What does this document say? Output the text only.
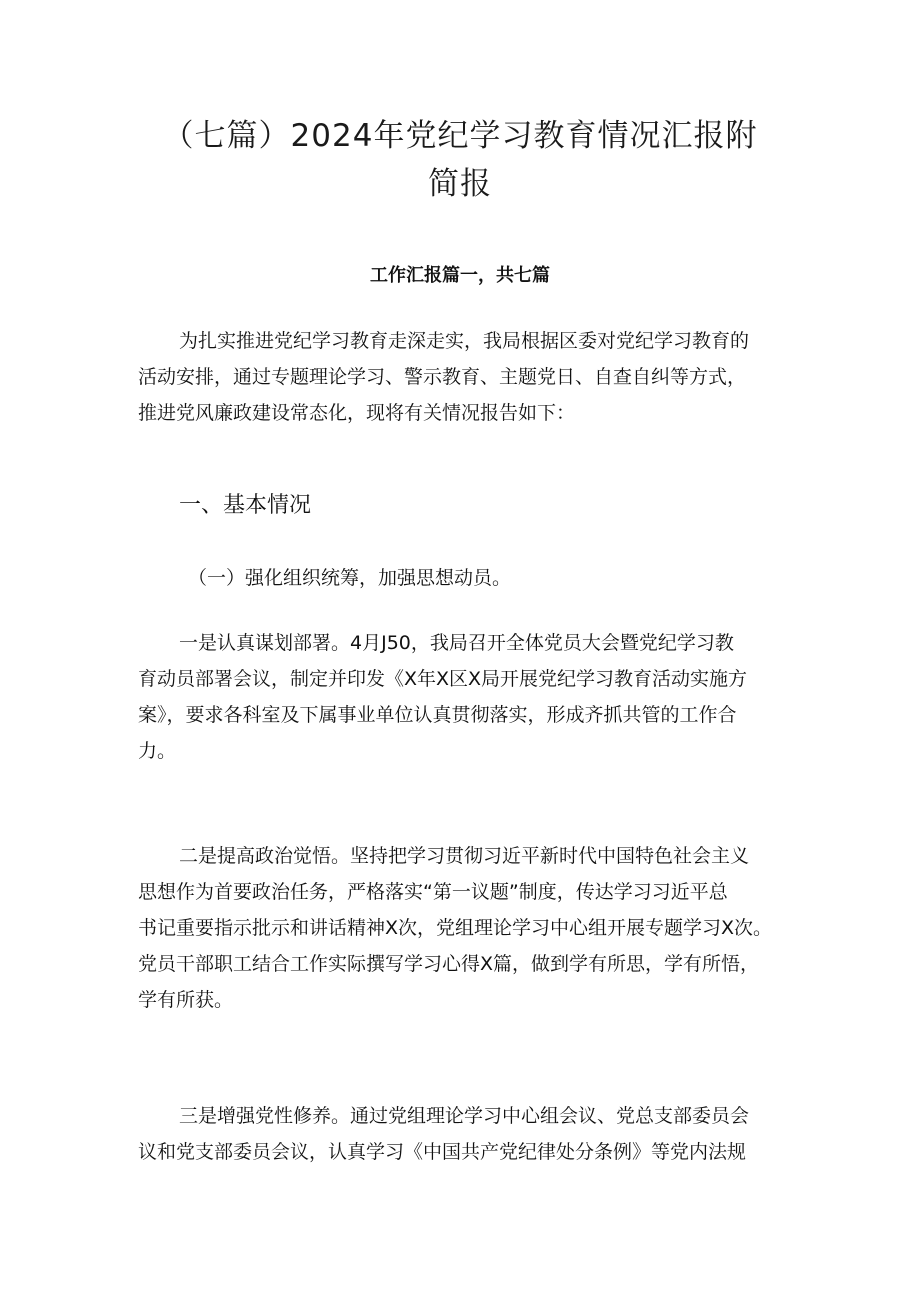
（七篇）2024年党纪学习教育情况汇报附
简报
工作汇报篇一，共七篇
为扎实推进党纪学习教育走深走实，我局根据区委对党纪学习教育的
活动安排，通过专题理论学习、警示教育、主题党日、自查自纠等方式，
推进党风廉政建设常态化，现将有关情况报告如下：
一、基本情况
（一）强化组织统筹，加强思想动员。
一是认真谋划部署。4月J50，我局召开全体党员大会暨党纪学习教
育动员部署会议，制定并印发《X年X区X局开展党纪学习教育活动实施方
案》，要求各科室及下属事业单位认真贯彻落实，形成齐抓共管的工作合
力。
二是提高政治觉悟。坚持把学习贯彻习近平新时代中国特色社会主义
思想作为首要政治任务，严格落实“第一议题”制度，传达学习习近平总
书记重要指示批示和讲话精神X次，党组理论学习中心组开展专题学习X次。
党员干部职工结合工作实际撰写学习心得X篇，做到学有所思，学有所悟，
学有所获。
三是增强党性修养。通过党组理论学习中心组会议、党总支部委员会
议和党支部委员会议，认真学习《中国共产党纪律处分条例》等党内法规
